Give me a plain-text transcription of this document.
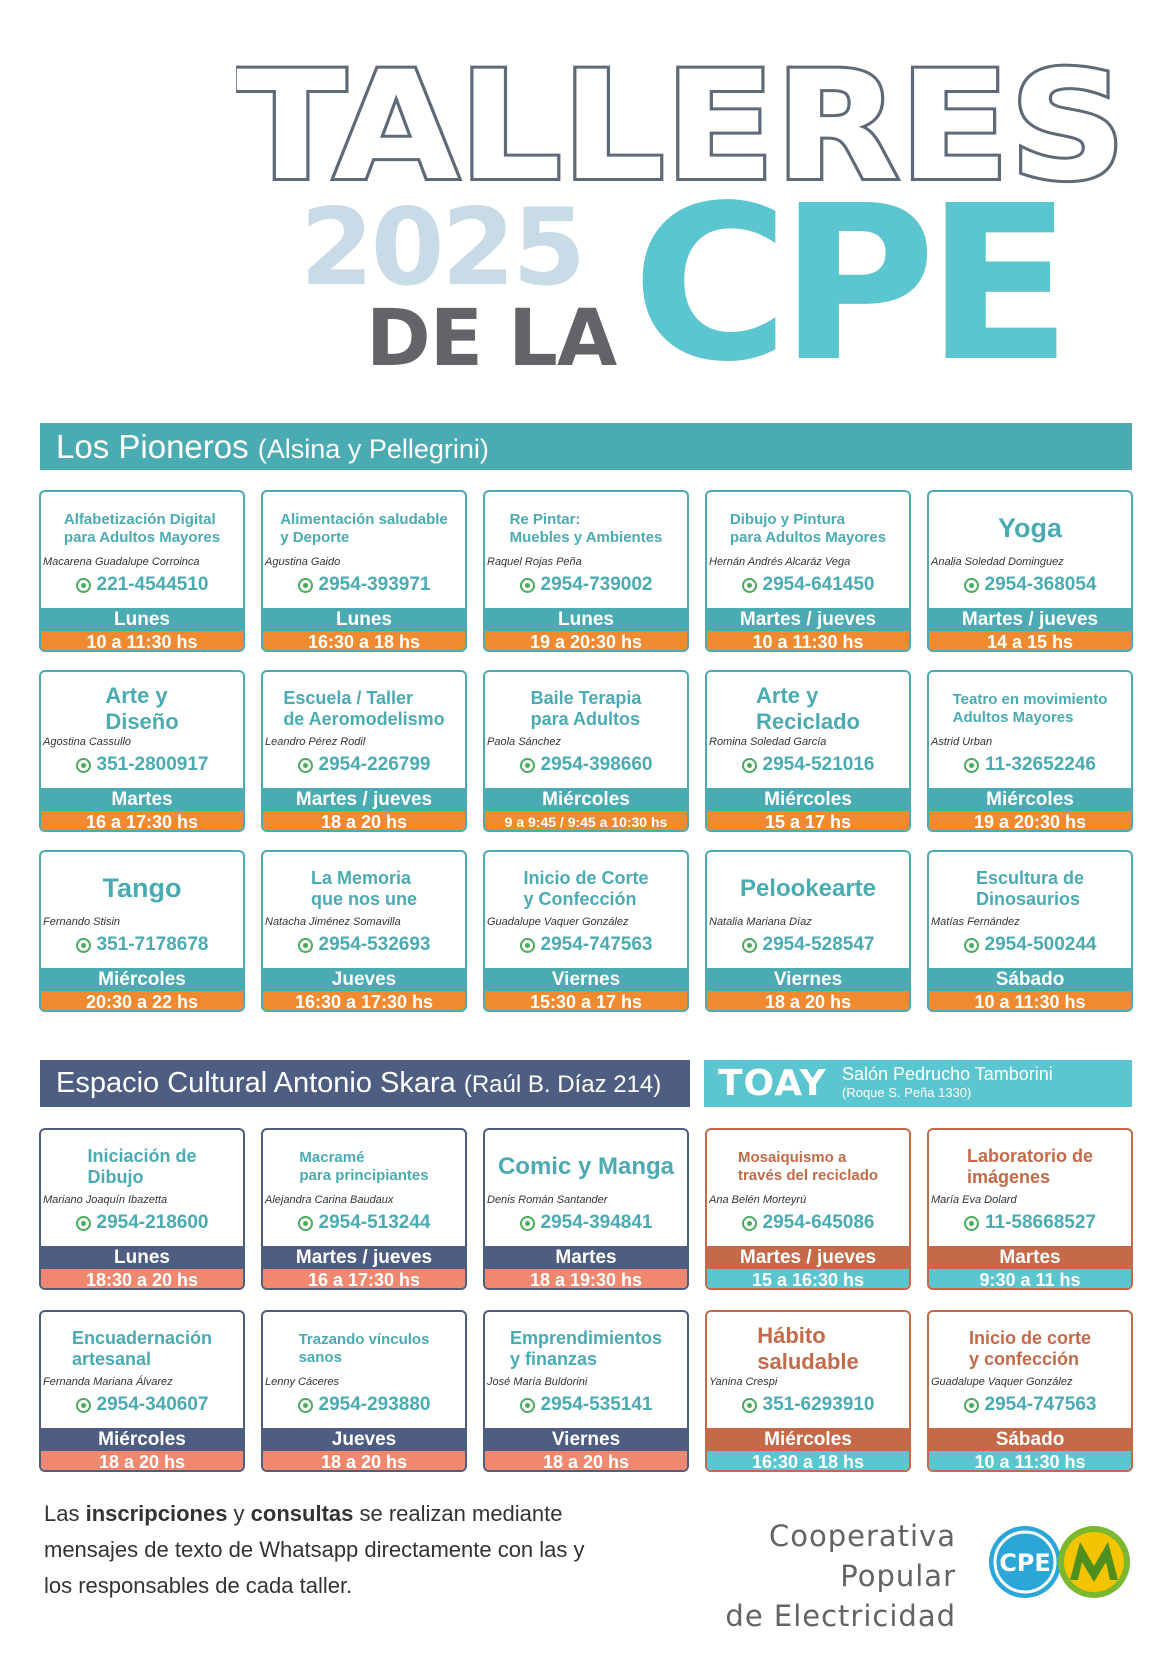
TALLERES
2025
DE LA CPE
Los Pioneros (Alsina y Pellegrini)
Alfabetización Digital
para Adultos Mayores
Macarena Guadalupe Corroinca
221-4544510
Lunes
10 a 11:30 hs
Alimentación saludable
y Deporte
Agustina Gaido
2954-393971
Lunes
16:30 a 18 hs
Re Pintar:
Muebles y Ambientes
Raquel Rojas Peña
2954-739002
Lunes
19 a 20:30 hs
Dibujo y Pintura
para Adultos Mayores
Hernán Andrés Alcaráz Vega
2954-641450
Martes / jueves
10 a 11:30 hs
Yoga
Analia Soledad Dominguez
2954-368054
Martes / jueves
14 a 15 hs
Arte y
Diseño
Agostina Cassullo
351-2800917
Martes
16 a 17:30 hs
Escuela / Taller
de Aeromodelismo
Leandro Pérez Rodil
2954-226799
Martes / jueves
18 a 20 hs
Baile Terapia
para Adultos
Paola Sánchez
2954-398660
Miércoles
9 a 9:45 / 9:45 a 10:30 hs
Arte y
Reciclado
Romina Soledad García
2954-521016
Miércoles
15 a 17 hs
Teatro en movimiento
Adultos Mayores
Astrid Urban
11-32652246
Miércoles
19 a 20:30 hs
Tango
Fernando Stisin
351-7178678
Miércoles
20:30 a 22 hs
La Memoria
que nos une
Natacha Jiménez Somavilla
2954-532693
Jueves
16:30 a 17:30 hs
Inicio de Corte
y Confección
Guadalupe Vaquer González
2954-747563
Viernes
15:30 a 17 hs
Pelookearte
Natalia Mariana Díaz
2954-528547
Viernes
18 a 20 hs
Escultura de
Dinosaurios
Matías Fernández
2954-500244
Sábado
10 a 11:30 hs
Espacio Cultural Antonio Skara (Raúl B. Díaz 214)	TOAY Salón Pedrucho Tamborini
(Roque S. Peña 1330)
Iniciación de
Dibujo
Mariano Joaquín Ibazetta
2954-218600
Lunes
18:30 a 20 hs
Macramé
para principiantes
Alejandra Carina Baudaux
2954-513244
Martes / jueves
16 a 17:30 hs
Comic y Manga
Denis Román Santander
2954-394841
Martes
18 a 19:30 hs
Encuadernación
artesanal
Fernanda Mariana Álvarez
2954-340607
Miércoles
18 a 20 hs
Trazando vínculos
sanos
Lenny Cáceres
2954-293880
Jueves
18 a 20 hs
Emprendimientos
y finanzas
José María Buldorini
2954-535141
Viernes
18 a 20 hs
Mosaiquismo a
través del reciclado
Ana Belén Morteyrú
2954-645086
Martes / jueves
15 a 16:30 hs
Laboratorio de
imágenes
María Eva Dolard
11-58668527
Martes
9:30 a 11 hs
Hábito
saludable
Yanina Crespi
351-6293910
Miércoles
16:30 a 18 hs
Inicio de corte
y confección
Guadalupe Vaquer González
2954-747563
Sábado
10 a 11:30 hs
Las inscripciones y consultas se realizan mediante mensajes de texto de Whatsapp directamente con las y los responsables de cada taller.
Cooperativa Popular
de Electricidad
CPE
